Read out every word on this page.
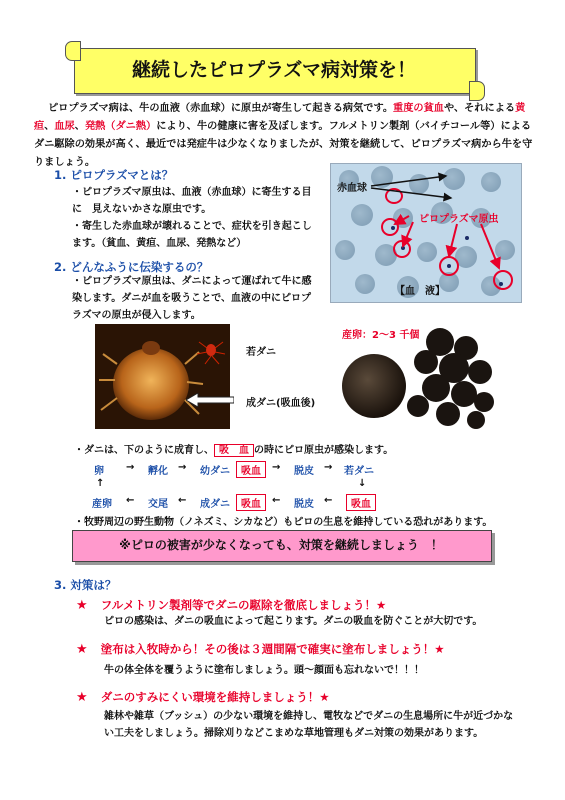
継続したピロプラズマ病対策を！
ピロプラズマ病は、牛の血液（赤血球）に原虫が寄生して起きる病気です。重度の貧血や、それによる黄疸、血尿、発熱（ダニ熱）により、牛の健康に害を及ぼします。フルメトリン製剤（バイチコール等）によるダニ駆除の効果が高く、最近では発症牛は少なくなりましたが、対策を継続して、ピロプラズマ病から牛を守りましょう。
1. ピロプラズマとは？
・ピロプラズマ原虫は、血液（赤血球）に寄生する目
に　見えないかさな原虫です。
・寄生した赤血球が壊れることで、症状を引き起こし
ます。（貧血、黄疸、血尿、発熱など）
赤血球
ピロプラズマ原虫
【血　液】
2. どんなふうに伝染するの？
・ピロプラズマ原虫は、ダニによって運ばれて牛に感
染します。ダニが血を吸うことで、血液の中にピロプ
ラズマの原虫が侵入します。
若ダニ
成ダニ(吸血後)
産卵：2～3 千個
・ダニは、下のように成育し、 吸　血 の時にピロ原虫が感染します。
卵 → 孵化 → 幼ダニ	吸血	→ 脱皮 → 若ダニ
↑	↓
産卵 ← 交尾 ← 成ダニ	吸血	← 脱皮 ←	吸血
・牧野周辺の野生動物（ノネズミ、シカなど）もピロの生息を維持している恐れがあります。
※ピロの被害が少なくなっても、対策を継続しましょう　！
3. 対策は？
★ フルメトリン製剤等でダニの駆除を徹底しましょう！★
ピロの感染は、ダニの吸血によって起こります。ダニの吸血を防ぐことが大切です。
★ 塗布は入牧時から！その後は３週間隔で確実に塗布しましょう！★
牛の体全体を覆うように塗布しましょう。頭～顔面も忘れないで！！！
★ ダニのすみにくい環境を維持しましょう！★
雑林や雑草（ブッシュ）の少ない環境を維持し、電牧などでダニの生息場所に牛が近づかな
い工夫をしましょう。掃除刈りなどこまめな草地管理もダニ対策の効果があります。
